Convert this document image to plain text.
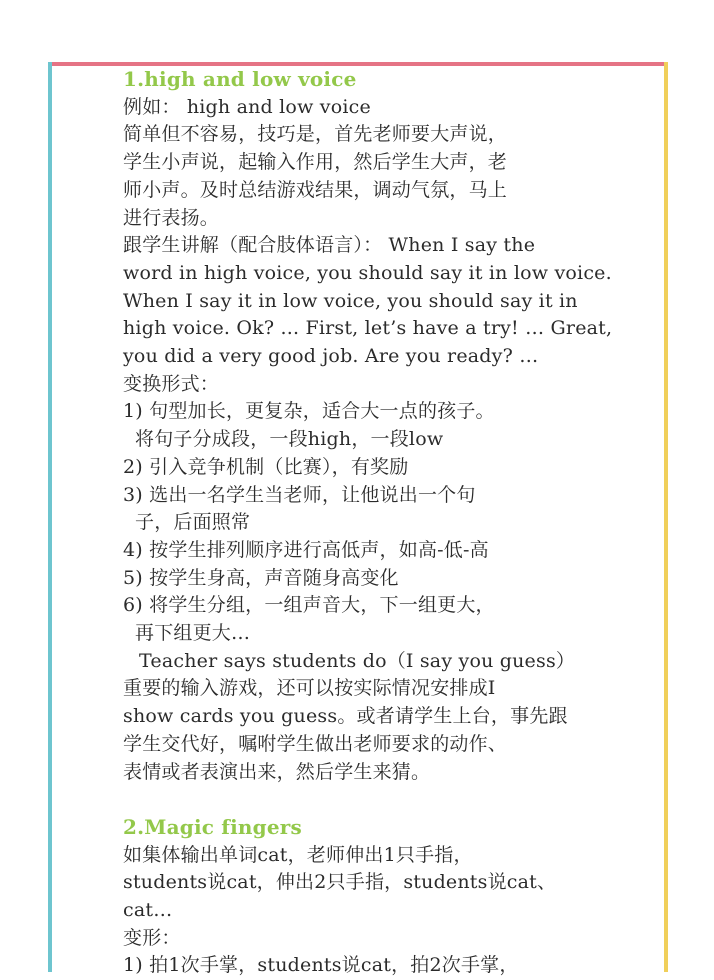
1.high and low voice

例如： high and low voice

简单但不容易，技巧是，首先老师要大声说，

学生小声说，起输入作用，然后学生大声，老

师小声。及时总结游戏结果，调动气氛，马上

进行表扬。

跟学生讲解（配合肢体语言）： When I say the

word in high voice, you should say it in low voice.

When I say it in low voice, you should say it in

high voice. Ok? ... First, let’s have a try! … Great,

you did a very good job. Are you ready? …

变换形式：

1) 句型加长，更复杂，适合大一点的孩子。

将句子分成段，一段high，一段low

2) 引入竞争机制（比赛），有奖励

3) 选出一名学生当老师，让他说出一个句

子，后面照常

4) 按学生排列顺序进行高低声，如高-低-高

5) 按学生身高，声音随身高变化

6) 将学生分组，一组声音大，下一组更大，

再下组更大…

Teacher says students do（I say you guess）

重要的输入游戏，还可以按实际情况安排成I

show cards you guess。或者请学生上台，事先跟

学生交代好，嘱咐学生做出老师要求的动作、

表情或者表演出来，然后学生来猜。

2.Magic fingers

如集体输出单词cat，老师伸出1只手指，

students说cat，伸出2只手指，students说cat、

cat…

变形：

1) 拍1次手掌，students说cat，拍2次手掌，
